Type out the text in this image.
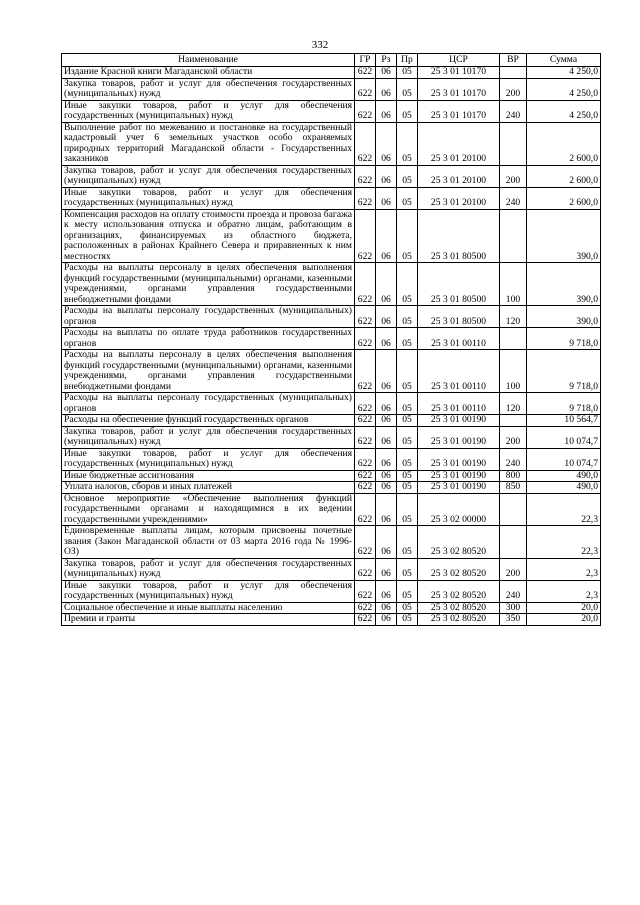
332
Наименование	ГР	Рз	Пр	ЦСР	ВР	Сумма
Издание Красной книги Магаданской области	622	06	05	25 3 01 10170		4 250,0
Закупка товаров, работ и услуг для обеспечения государственных (муниципальных) нужд	622	06	05	25 3 01 10170	200	4 250,0
Иные закупки товаров, работ и услуг для обеспечения государственных (муниципальных) нужд	622	06	05	25 3 01 10170	240	4 250,0
Выполнение работ по межеванию и постановке на государственный кадастровый учет 6 земельных участков особо охраняемых природных территорий Магаданской области - Государственных заказников	622	06	05	25 3 01 20100		2 600,0
Закупка товаров, работ и услуг для обеспечения государственных (муниципальных) нужд	622	06	05	25 3 01 20100	200	2 600,0
Иные закупки товаров, работ и услуг для обеспечения государственных (муниципальных) нужд	622	06	05	25 3 01 20100	240	2 600,0
Компенсация расходов на оплату стоимости проезда и провоза багажа к месту использования отпуска и обратно лицам, работающим в организациях, финансируемых из областного бюджета, расположенных в районах Крайнего Севера и приравненных к ним местностях	622	06	05	25 3 01 80500		390,0
Расходы на выплаты персоналу в целях обеспечения выполнения функций государственными (муниципальными) органами, казенными учреждениями, органами управления государственными внебюджетными фондами	622	06	05	25 3 01 80500	100	390,0
Расходы на выплаты персоналу государственных (муниципальных) органов	622	06	05	25 3 01 80500	120	390,0
Расходы на выплаты по оплате труда работников государственных органов	622	06	05	25 3 01 00110		9 718,0
Расходы на выплаты персоналу в целях обеспечения выполнения функций государственными (муниципальными) органами, казенными учреждениями, органами управления государственными внебюджетными фондами	622	06	05	25 3 01 00110	100	9 718,0
Расходы на выплаты персоналу государственных (муниципальных) органов	622	06	05	25 3 01 00110	120	9 718,0
Расходы на обеспечение функций государственных органов	622	06	05	25 3 01 00190		10 564,7
Закупка товаров, работ и услуг для обеспечения государственных (муниципальных) нужд	622	06	05	25 3 01 00190	200	10 074,7
Иные закупки товаров, работ и услуг для обеспечения государственных (муниципальных) нужд	622	06	05	25 3 01 00190	240	10 074,7
Иные бюджетные ассигнования	622	06	05	25 3 01 00190	800	490,0
Уплата налогов, сборов и иных платежей	622	06	05	25 3 01 00190	850	490,0
Основное мероприятие «Обеспечение выполнения функций государственными органами и находящимися в их ведении государственными учреждениями»	622	06	05	25 3 02 00000		22,3
Единовременные выплаты лицам, которым присвоены почетные звания (Закон Магаданской области от 03 марта 2016 года № 1996-ОЗ)	622	06	05	25 3 02 80520		22,3
Закупка товаров, работ и услуг для обеспечения государственных (муниципальных) нужд	622	06	05	25 3 02 80520	200	2,3
Иные закупки товаров, работ и услуг для обеспечения государственных (муниципальных) нужд	622	06	05	25 3 02 80520	240	2,3
Социальное обеспечение и иные выплаты населению	622	06	05	25 3 02 80520	300	20,0
Премии и гранты	622	06	05	25 3 02 80520	350	20,0
